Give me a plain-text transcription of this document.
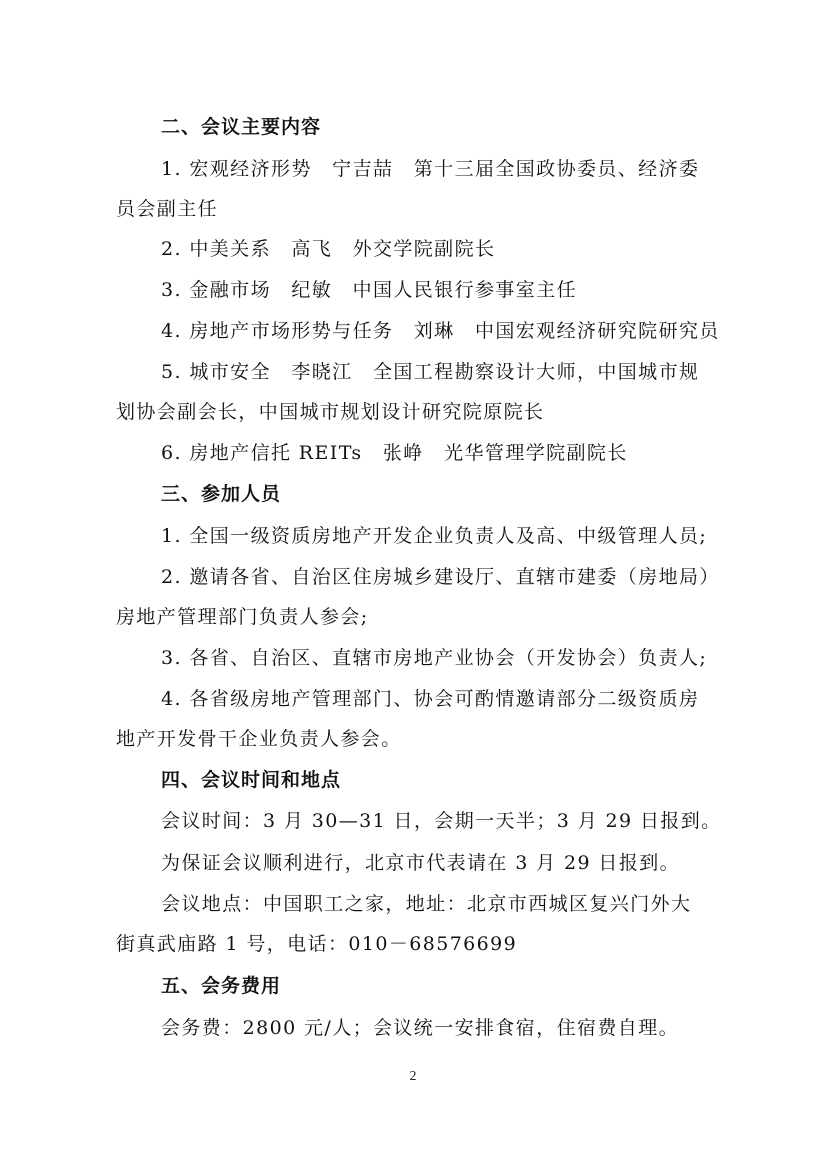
二、会议主要内容
1. 宏观经济形势　宁吉喆　第十三届全国政协委员、经济委
员会副主任
2. 中美关系　高飞　外交学院副院长
3. 金融市场　纪敏　中国人民银行参事室主任
4. 房地产市场形势与任务　刘琳　中国宏观经济研究院研究员
5. 城市安全　李晓江　全国工程勘察设计大师，中国城市规
划协会副会长，中国城市规划设计研究院原院长
6. 房地产信托 REITs　张峥　光华管理学院副院长
三、参加人员
1. 全国一级资质房地产开发企业负责人及高、中级管理人员;
2. 邀请各省、自治区住房城乡建设厅、直辖市建委（房地局）
房地产管理部门负责人参会;
3. 各省、自治区、直辖市房地产业协会（开发协会）负责人;
4. 各省级房地产管理部门、协会可酌情邀请部分二级资质房
地产开发骨干企业负责人参会。
四、会议时间和地点
会议时间：3 月 30—31 日，会期一天半；3 月 29 日报到。
为保证会议顺利进行，北京市代表请在 3 月 29 日报到。
会议地点：中国职工之家，地址：北京市西城区复兴门外大
街真武庙路 1 号，电话：010－68576699
五、会务费用
会务费：2800 元/人；会议统一安排食宿，住宿费自理。
2
